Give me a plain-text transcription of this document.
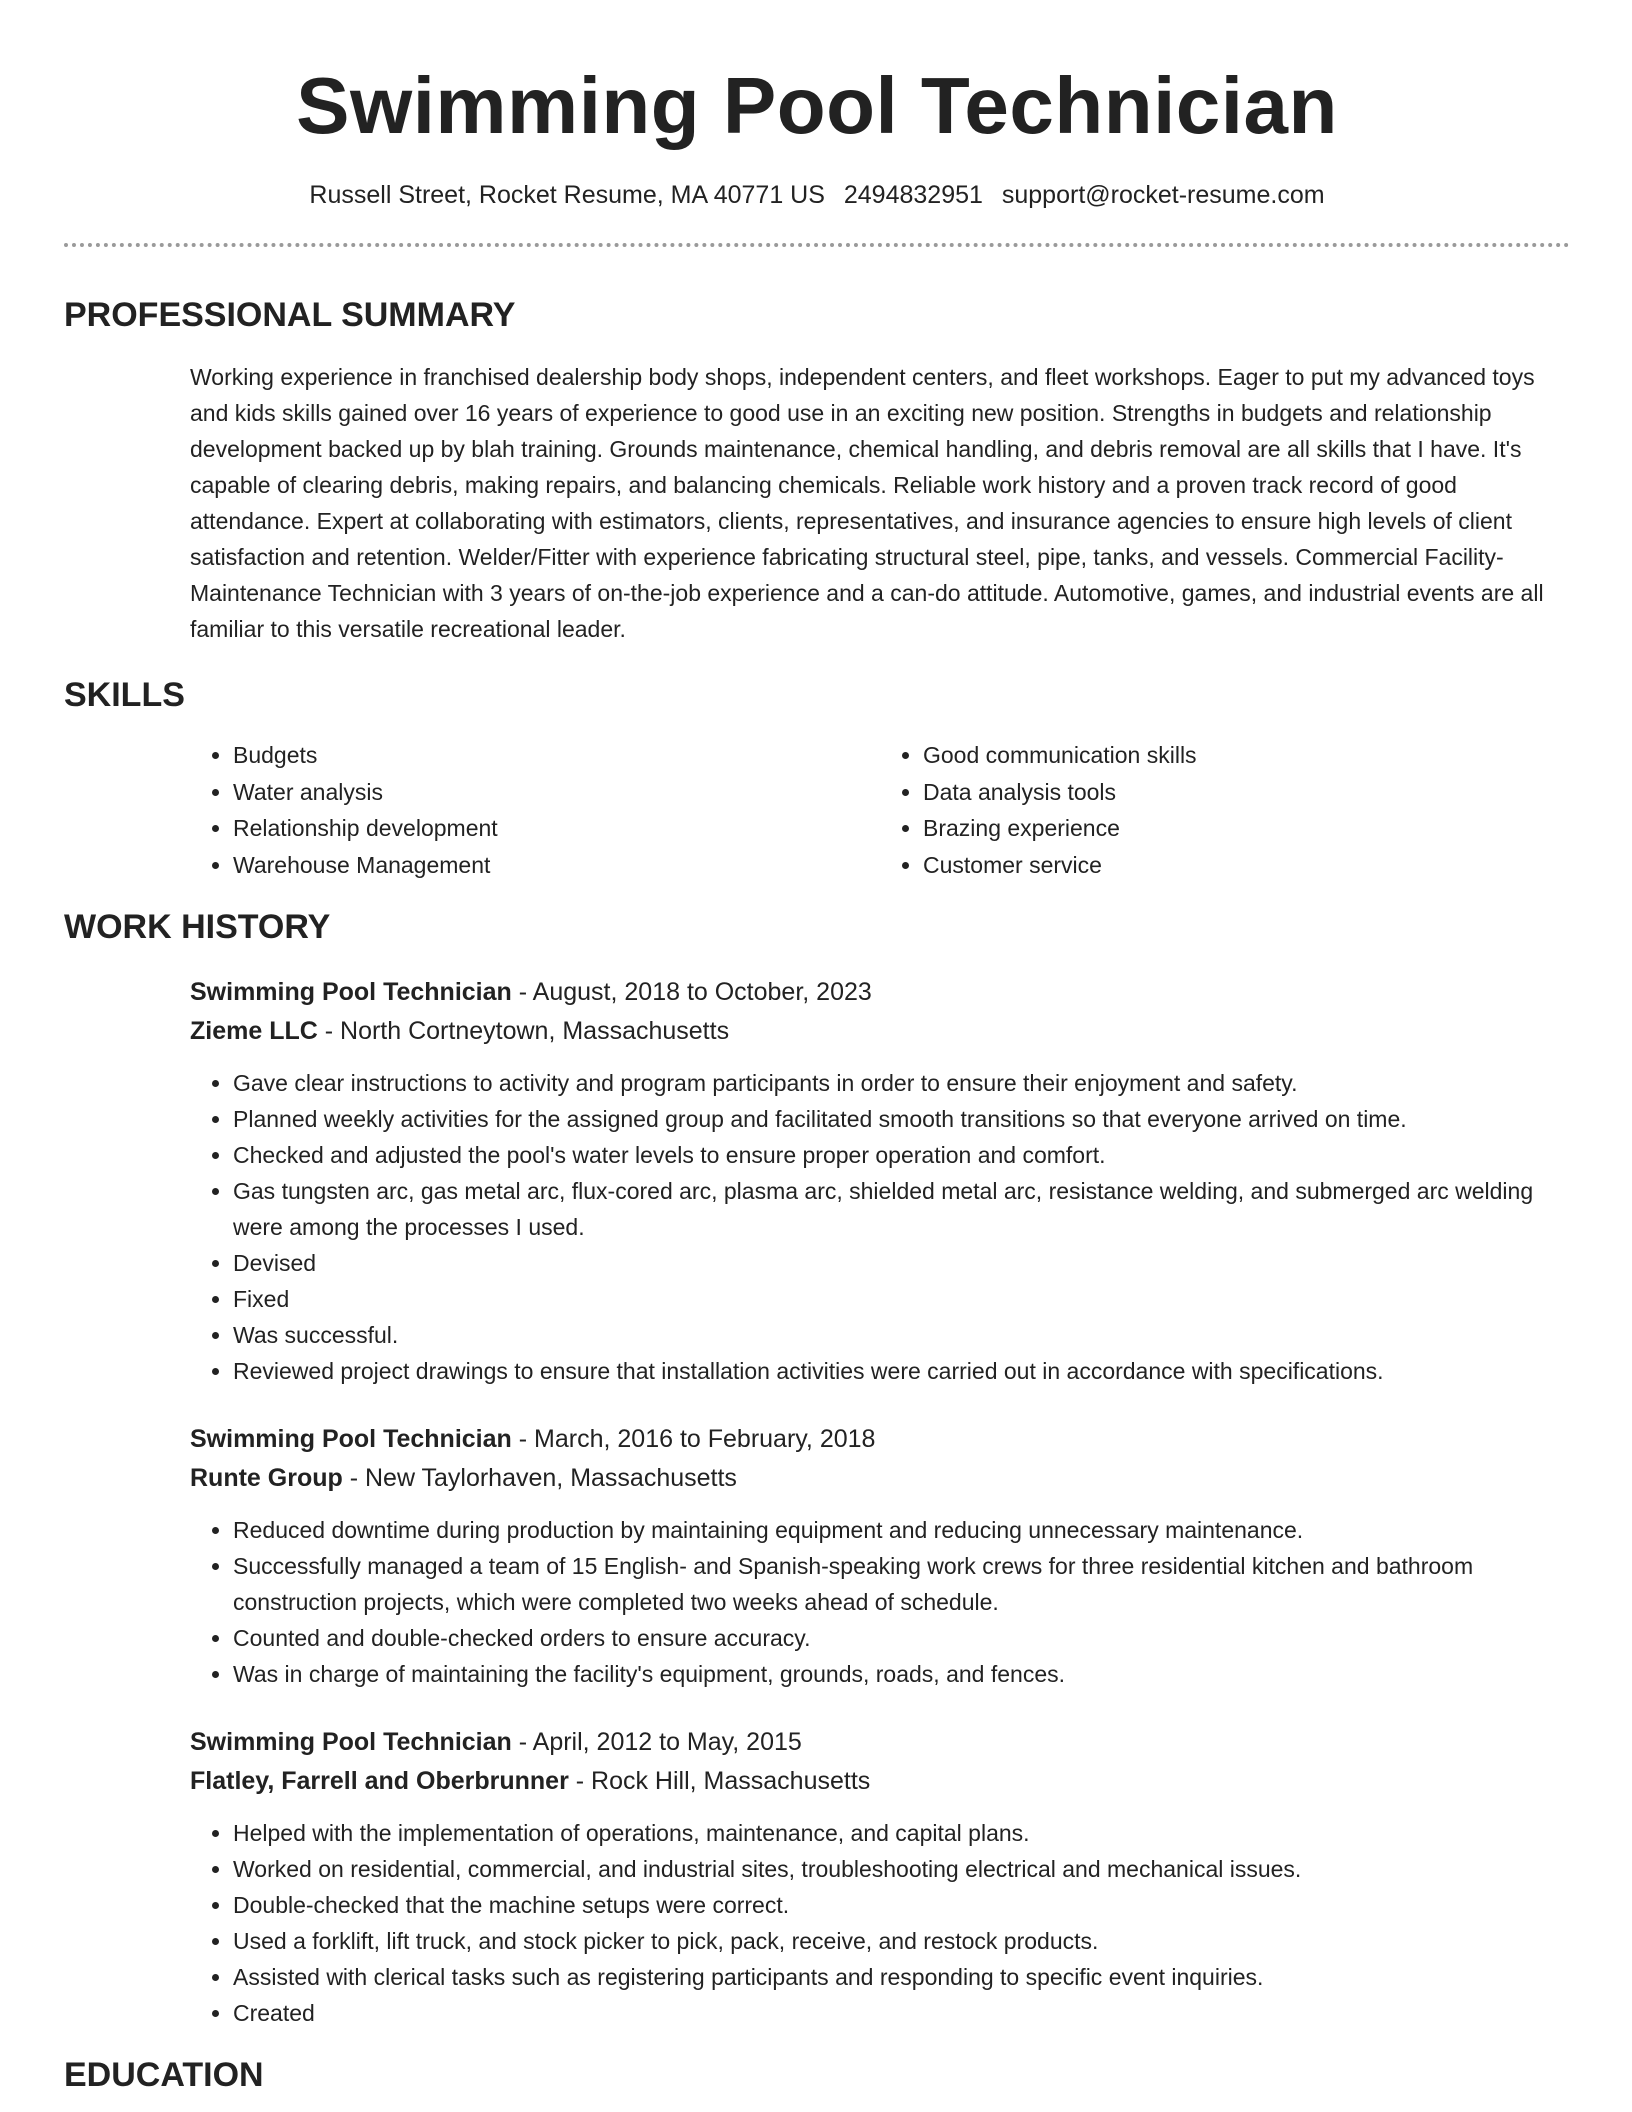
Swimming Pool Technician
Russell Street, Rocket Resume, MA 40771 US 2494832951 support@rocket-resume.com
PROFESSIONAL SUMMARY

Working experience in franchised dealership body shops, independent centers, and fleet workshops. Eager to put my advanced toys and kids skills gained over 16 years of experience to good use in an exciting new position. Strengths in budgets and relationship development backed up by blah training. Grounds maintenance, chemical handling, and debris removal are all skills that I have. It's capable of clearing debris, making repairs, and balancing chemicals. Reliable work history and a proven track record of good attendance. Expert at collaborating with estimators, clients, representatives, and insurance agencies to ensure high levels of client satisfaction and retention. Welder/Fitter with experience fabricating structural steel, pipe, tanks, and vessels. Commercial Facility-Maintenance Technician with 3 years of on-the-job experience and a can-do attitude. Automotive, games, and industrial events are all familiar to this versatile recreational leader.

SKILLS
• Budgets
• Water analysis
• Relationship development
• Warehouse Management
• Good communication skills
• Data analysis tools
• Brazing experience
• Customer service
WORK HISTORY
Swimming Pool Technician - August, 2018 to October, 2023
Zieme LLC - North Cortneytown, Massachusetts
• Gave clear instructions to activity and program participants in order to ensure their enjoyment and safety.
• Planned weekly activities for the assigned group and facilitated smooth transitions so that everyone arrived on time.
• Checked and adjusted the pool's water levels to ensure proper operation and comfort.
• Gas tungsten arc, gas metal arc, flux-cored arc, plasma arc, shielded metal arc, resistance welding, and submerged arc welding were among the processes I used.
• Devised
• Fixed
• Was successful.
• Reviewed project drawings to ensure that installation activities were carried out in accordance with specifications.
Swimming Pool Technician - March, 2016 to February, 2018
Runte Group - New Taylorhaven, Massachusetts
• Reduced downtime during production by maintaining equipment and reducing unnecessary maintenance.
• Successfully managed a team of 15 English- and Spanish-speaking work crews for three residential kitchen and bathroom construction projects, which were completed two weeks ahead of schedule.
• Counted and double-checked orders to ensure accuracy.
• Was in charge of maintaining the facility's equipment, grounds, roads, and fences.
Swimming Pool Technician - April, 2012 to May, 2015
Flatley, Farrell and Oberbrunner - Rock Hill, Massachusetts
• Helped with the implementation of operations, maintenance, and capital plans.
• Worked on residential, commercial, and industrial sites, troubleshooting electrical and mechanical issues.
• Double-checked that the machine setups were correct.
• Used a forklift, lift truck, and stock picker to pick, pack, receive, and restock products.
• Assisted with clerical tasks such as registering participants and responding to specific event inquiries.
• Created
EDUCATION
